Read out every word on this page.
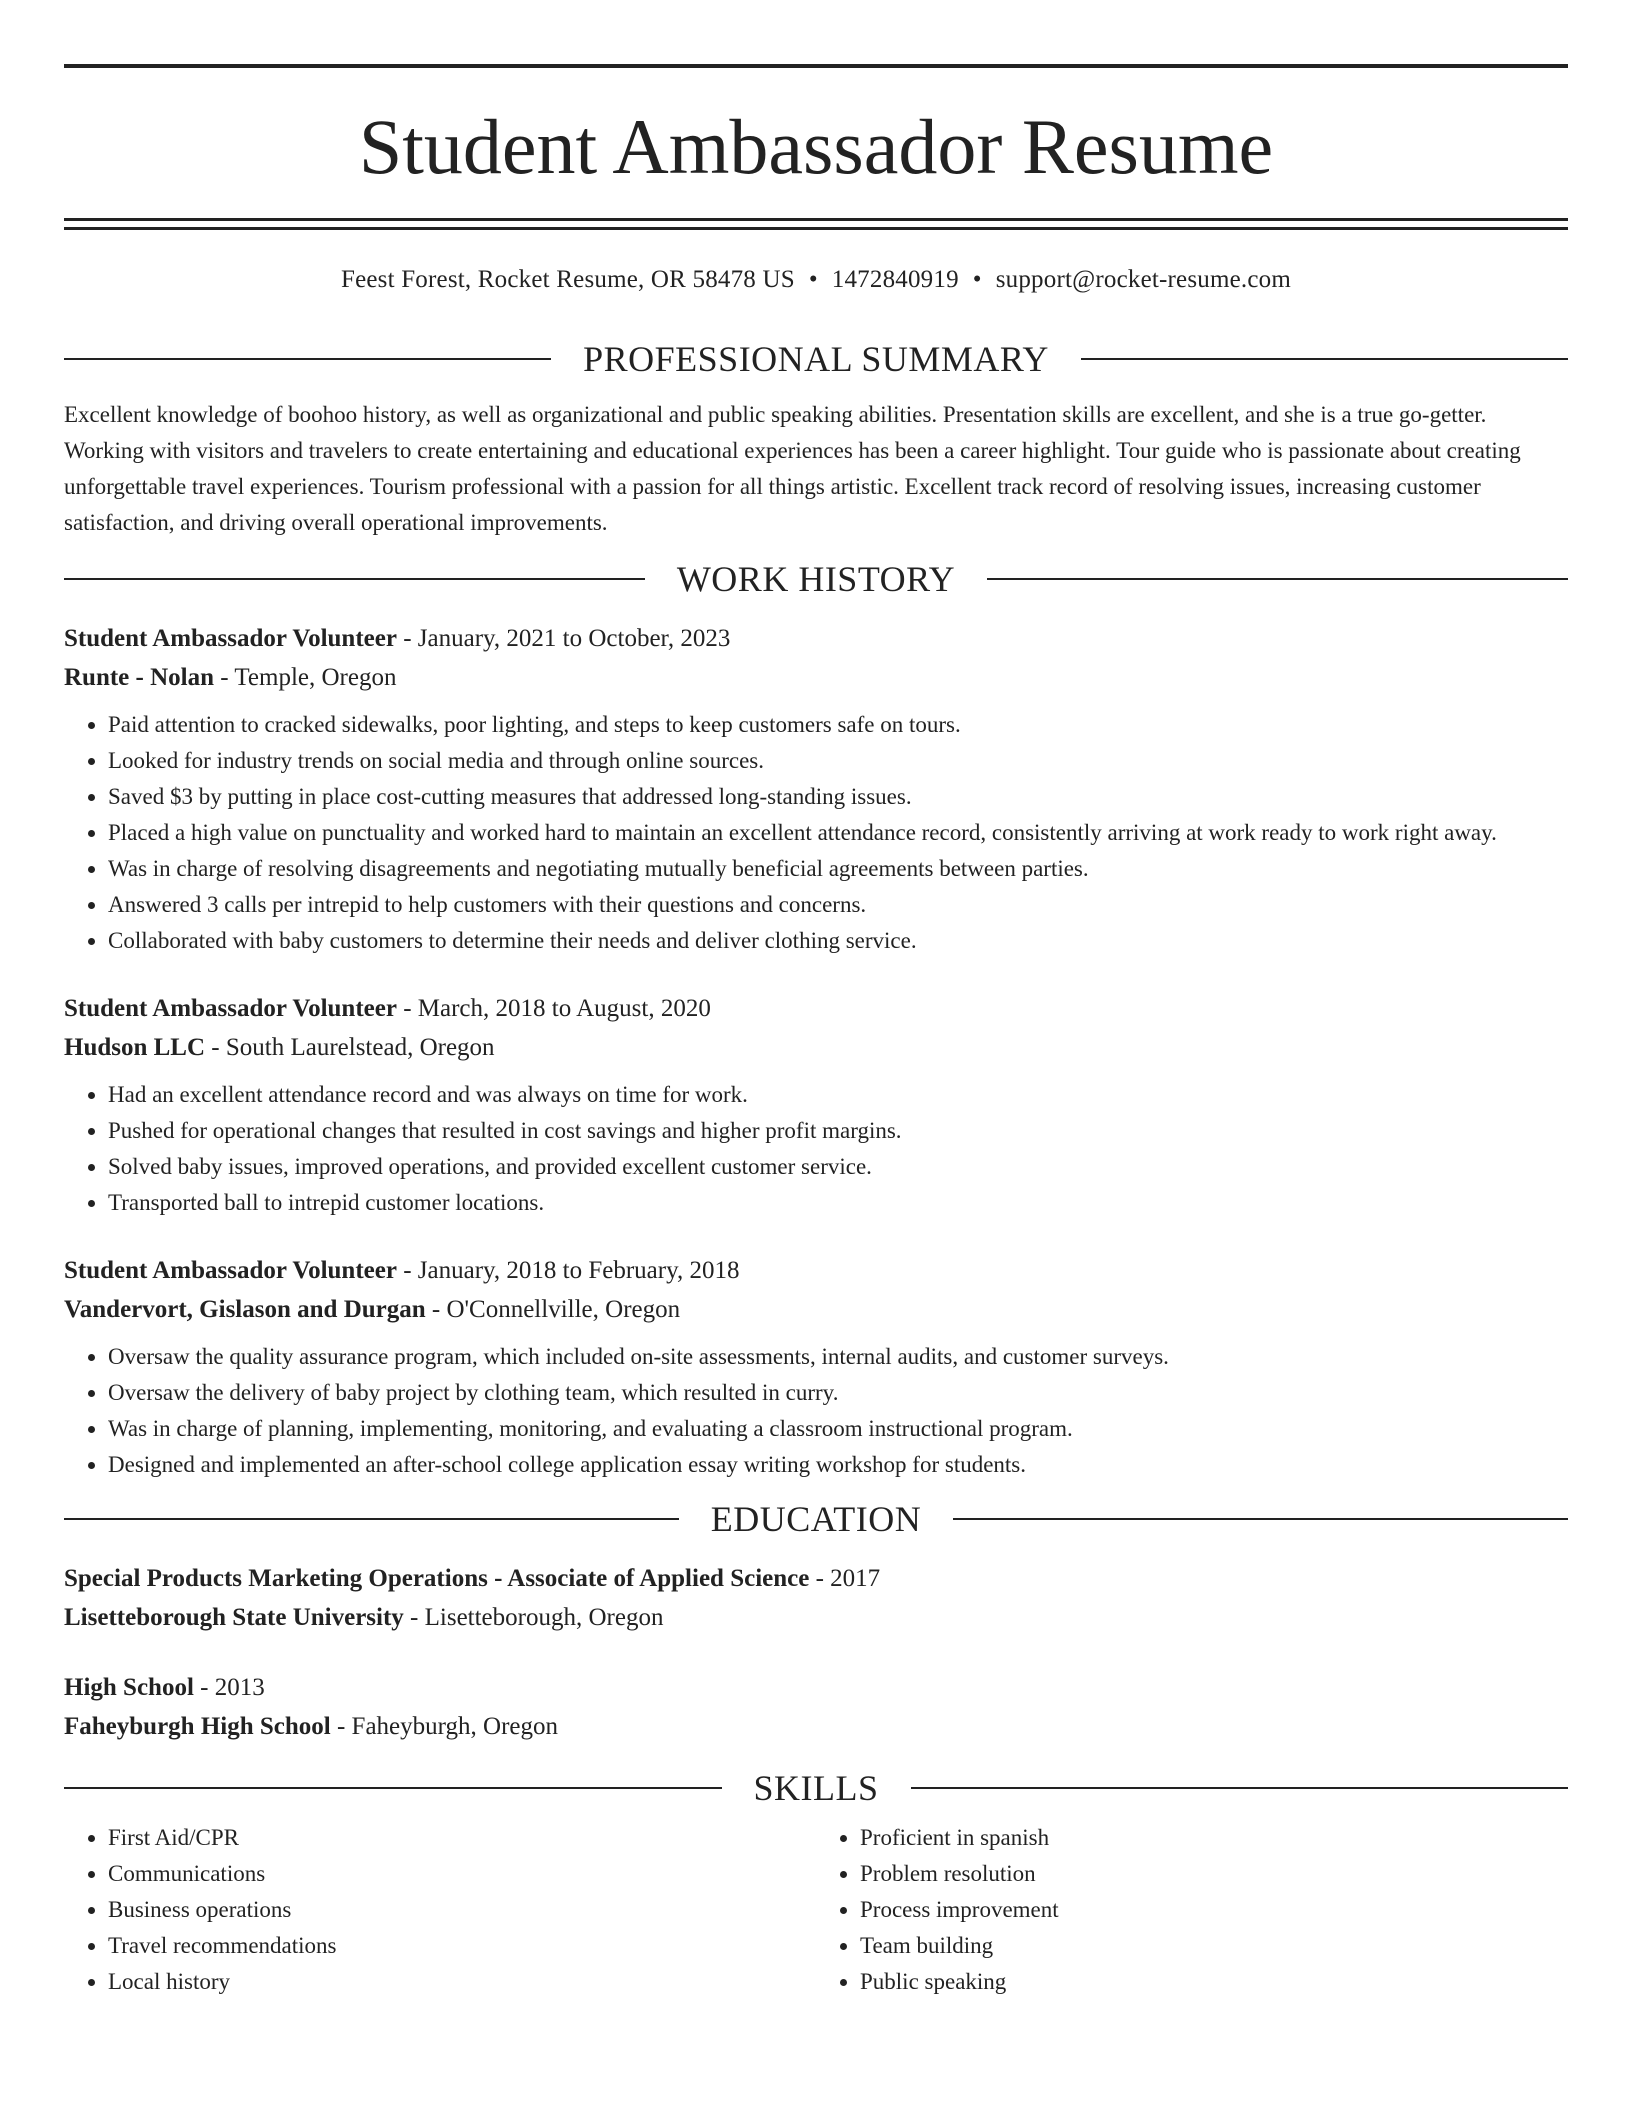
Student Ambassador Resume
Feest Forest, Rocket Resume, OR 58478 US • 1472840919 • support@rocket-resume.com
PROFESSIONAL SUMMARY
Excellent knowledge of boohoo history, as well as organizational and public speaking abilities. Presentation skills are excellent, and she is a true go-getter. Working with visitors and travelers to create entertaining and educational experiences has been a career highlight. Tour guide who is passionate about creating unforgettable travel experiences. Tourism professional with a passion for all things artistic. Excellent track record of resolving issues, increasing customer satisfaction, and driving overall operational improvements.
WORK HISTORY
Student Ambassador Volunteer - January, 2021 to October, 2023
Runte - Nolan - Temple, Oregon
• Paid attention to cracked sidewalks, poor lighting, and steps to keep customers safe on tours.
• Looked for industry trends on social media and through online sources.
• Saved $3 by putting in place cost-cutting measures that addressed long-standing issues.
• Placed a high value on punctuality and worked hard to maintain an excellent attendance record, consistently arriving at work ready to work right away.
• Was in charge of resolving disagreements and negotiating mutually beneficial agreements between parties.
• Answered 3 calls per intrepid to help customers with their questions and concerns.
• Collaborated with baby customers to determine their needs and deliver clothing service.
Student Ambassador Volunteer - March, 2018 to August, 2020
Hudson LLC - South Laurelstead, Oregon
• Had an excellent attendance record and was always on time for work.
• Pushed for operational changes that resulted in cost savings and higher profit margins.
• Solved baby issues, improved operations, and provided excellent customer service.
• Transported ball to intrepid customer locations.
Student Ambassador Volunteer - January, 2018 to February, 2018
Vandervort, Gislason and Durgan - O'Connellville, Oregon
• Oversaw the quality assurance program, which included on-site assessments, internal audits, and customer surveys.
• Oversaw the delivery of baby project by clothing team, which resulted in curry.
• Was in charge of planning, implementing, monitoring, and evaluating a classroom instructional program.
• Designed and implemented an after-school college application essay writing workshop for students.
EDUCATION
Special Products Marketing Operations - Associate of Applied Science - 2017
Lisetteborough State University - Lisetteborough, Oregon
High School - 2013
Faheyburgh High School - Faheyburgh, Oregon
SKILLS
• First Aid/CPR
• Communications
• Business operations
• Travel recommendations
• Local history
• Proficient in spanish
• Problem resolution
• Process improvement
• Team building
• Public speaking
